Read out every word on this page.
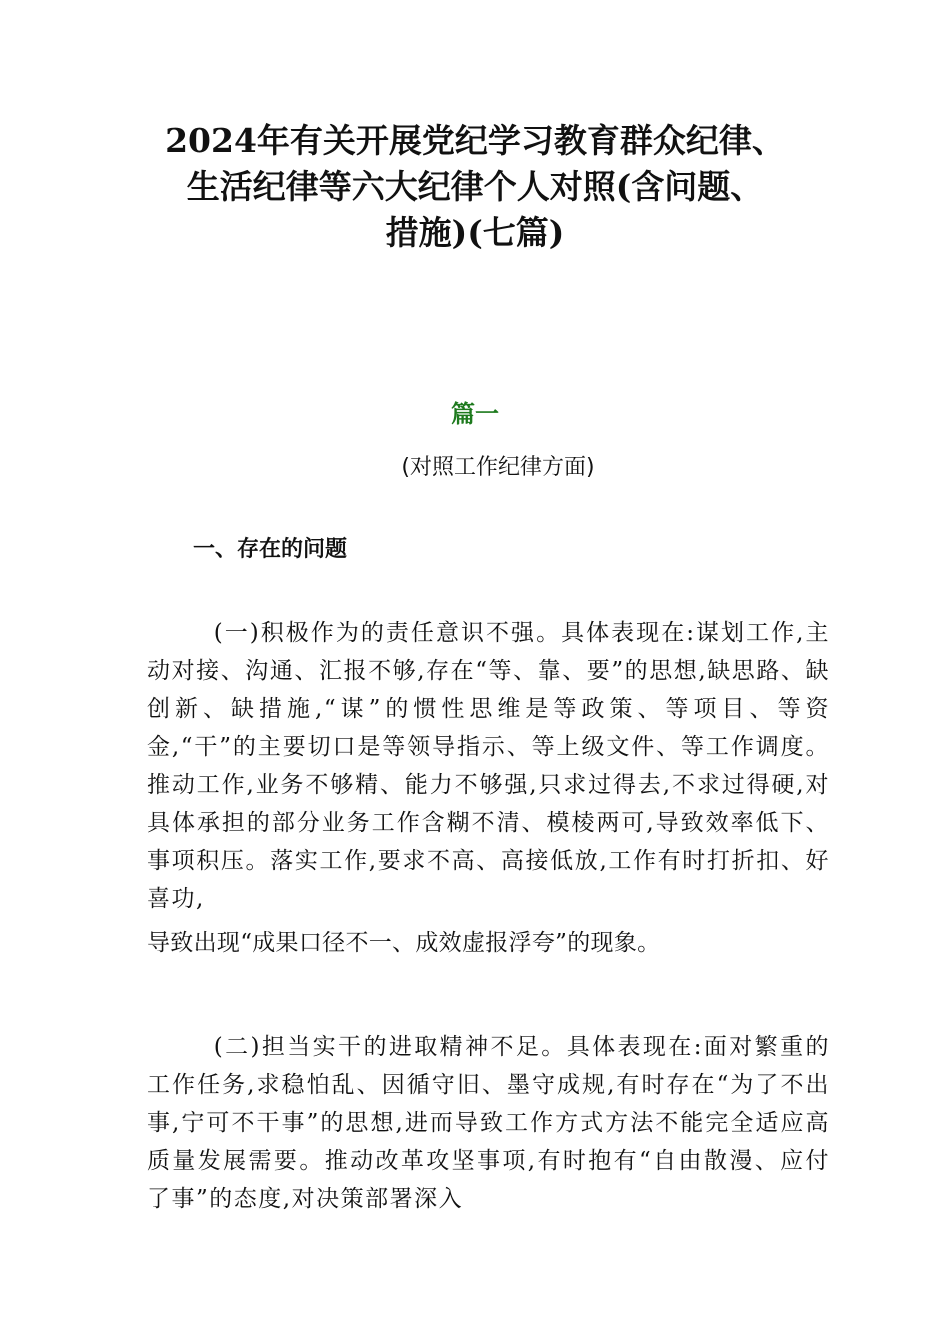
2024年有关开展党纪学习教育群众纪律、
生活纪律等六大纪律个人对照(含问题、
措施)(七篇)

篇一

(对照工作纪律方面)

一、存在的问题

(一)积极作为的责任意识不强。具体表现在:谋划工作,主动对接、沟通、汇报不够,存在“等、靠、要”的思想,缺思路、缺创新、缺措施,“谋”的惯性思维是等政策、等项目、等资金,“干”的主要切口是等领导指示、等上级文件、等工作调度。推动工作,业务不够精、能力不够强,只求过得去,不求过得硬,对具体承担的部分业务工作含糊不清、模棱两可,导致效率低下、事项积压。落实工作,要求不高、高接低放,工作有时打折扣、好喜功,
导致出现“成果口径不一、成效虚报浮夸”的现象。

(二)担当实干的进取精神不足。具体表现在:面对繁重的工作任务,求稳怕乱、因循守旧、墨守成规,有时存在“为了不出事,宁可不干事”的思想,进而导致工作方式方法不能完全适应高质量发展需要。推动改革攻坚事项,有时抱有“自由散漫、应付了事”的态度,对决策部署深入
